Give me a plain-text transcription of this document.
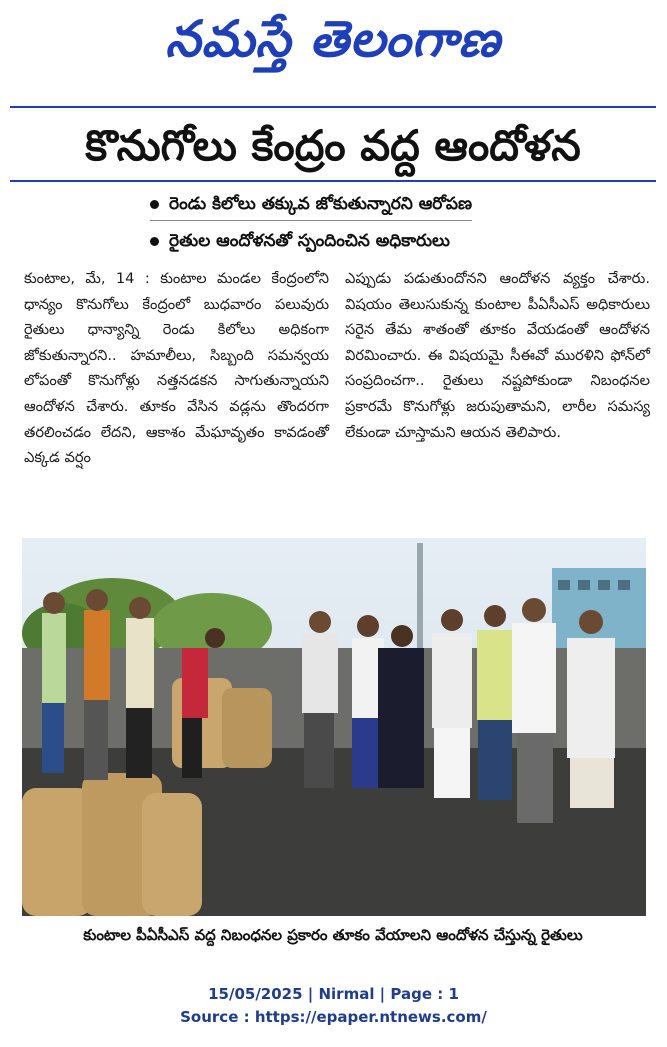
నమస్తే తెలంగాణ
కొనుగోలు కేంద్రం వద్ద ఆందోళన
రెండు కిలోలు తక్కువ జోకుతున్నారని ఆరోపణ
రైతుల ఆందోళనతో స్పందించిన అధికారులు
కుంటాల, మే, 14 : కుంటాల మండల కేంద్రంలోని ధాన్యం కొనుగోలు కేంద్రంలో బుధవారం పలువురు రైతులు ధాన్యాన్ని రెండు కిలోలు అధికంగా జోకుతున్నారని.. హమాలీలు, సిబ్బంది సమన్వయ లోపంతో కొనుగోళ్లు నత్తనడకన సాగుతున్నాయని ఆందోళన చేశారు. తూకం వేసిన వడ్లను తొందరగా తరలించడం లేదని, ఆకాశం మేఘావృతం కావడంతో ఎక్కడ వర్షం
ఎప్పుడు పడుతుందోనని ఆందోళన వ్యక్తం చేశారు. విషయం తెలుసుకున్న కుంటాల పీఏసీఎస్ అధికారులు సరైన తేమ శాతంతో తూకం వేయడంతో ఆందోళన విరమించారు. ఈ విషయమై సీఈవో మురళిని ఫోన్‌లో సంప్రదించగా.. రైతులు నష్టపోకుండా నిబంధనల ప్రకారమే కొనుగోళ్లు జరుపుతామని, లారీల సమస్య లేకుండా చూస్తామని ఆయన తెలిపారు.
కుంటాల పీఏసీఎస్ వద్ద నిబంధనల ప్రకారం తూకం వేయాలని ఆందోళన చేస్తున్న రైతులు
15/05/2025 | Nirmal | Page : 1
Source : https://epaper.ntnews.com/
